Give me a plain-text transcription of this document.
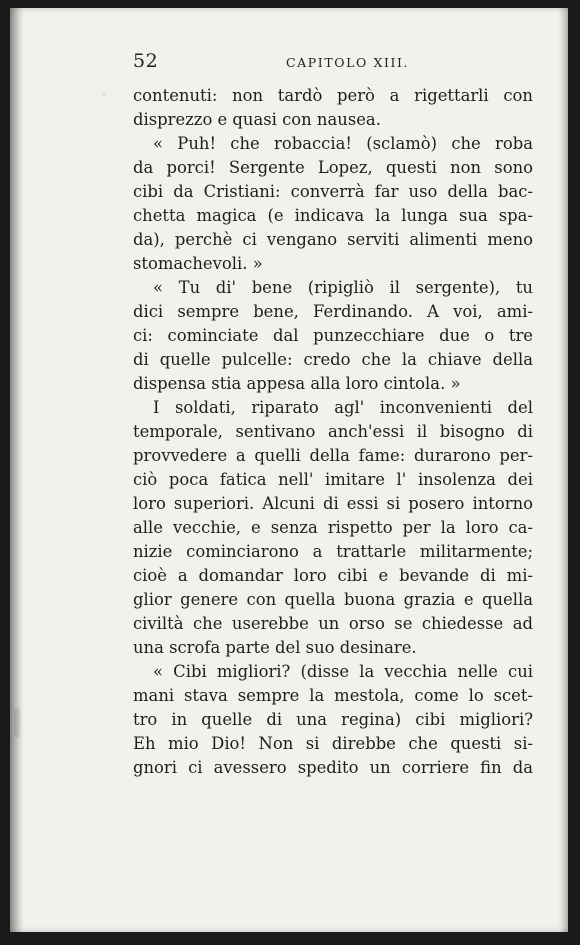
52	CAPITOLO XIII.
contenuti: non tardò però a rigettarli con
disprezzo e quasi con nausea.
« Puh! che robaccia! (sclamò) che roba
da porci! Sergente Lopez, questi non sono
cibi da Cristiani: converrà far uso della bac-
chetta magica (e indicava la lunga sua spa-
da), perchè ci vengano serviti alimenti meno
stomachevoli. »
« Tu di' bene (ripigliò il sergente), tu
dici sempre bene, Ferdinando. A voi, ami-
ci: cominciate dal punzecchiare due o tre
di quelle pulcelle: credo che la chiave della
dispensa stia appesa alla loro cintola. »
I soldati, riparato agl' inconvenienti del
temporale, sentivano anch'essi il bisogno di
provvedere a quelli della fame: durarono per-
ciò poca fatica nell' imitare l' insolenza dei
loro superiori. Alcuni di essi si posero intorno
alle vecchie, e senza rispetto per la loro ca-
nizie cominciarono a trattarle militarmente;
cioè a domandar loro cibi e bevande di mi-
glior genere con quella buona grazia e quella
civiltà che userebbe un orso se chiedesse ad
una scrofa parte del suo desinare.
« Cibi migliori? (disse la vecchia nelle cui
mani stava sempre la mestola, come lo scet-
tro in quelle di una regina) cibi migliori?
Eh mio Dio! Non si direbbe che questi si-
gnori ci avessero spedito un corriere fin da
